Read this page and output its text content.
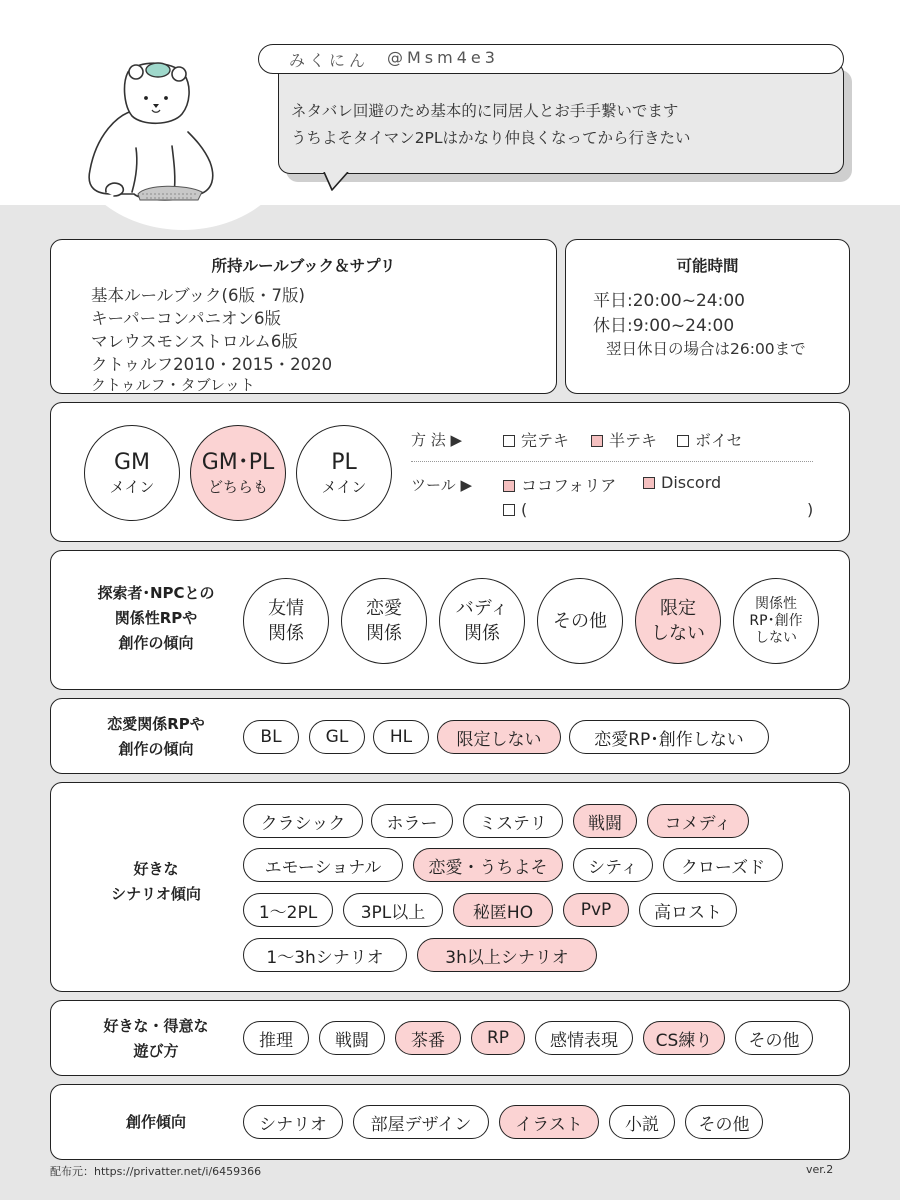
みくにん @Msm4e3
ネタバレ回避のため基本的に同居人とお手手繋いでます
うちよそタイマン2PLはかなり仲良くなってから行きたい
所持ルールブック＆サプリ
基本ルールブック(6版・7版)
キーパーコンパニオン6版
マレウスモンストロルム6版
クトゥルフ2010・2015・2020
クトゥルフ・タブレット
可能時間
平日:20:00~24:00
休日:9:00~24:00
翌日休日の場合は26:00まで
GM
メイン
GM･PL
どちらも
PL
メイン
方 法 ▶	完テキ	半テキ	ボイセ
ツール ▶	ココフォリア	Discord
(	)
探索者･NPCとの
関係性RPや
創作の傾向
友情
関係
恋愛
関係
バディ
関係
その他
限定
しない
関係性
RP･創作
しない
恋愛関係RPや
創作の傾向
BL	GL	HL	限定しない	恋愛RP･創作しない
好きな
シナリオ傾向
クラシック	ホラー	ミステリ	戦闘	コメディ
エモーショナル	恋愛・うちよそ	シティ	クローズド
1～2PL	3PL以上	秘匿HO	PvP	高ロスト
1～3hシナリオ	3h以上シナリオ
好きな・得意な
遊び方
推理	戦闘	茶番	RP	感情表現	CS練り	その他
創作傾向	シナリオ	部屋デザイン	イラスト	小説	その他
配布元：https://privatter.net/i/6459366	ver.2
